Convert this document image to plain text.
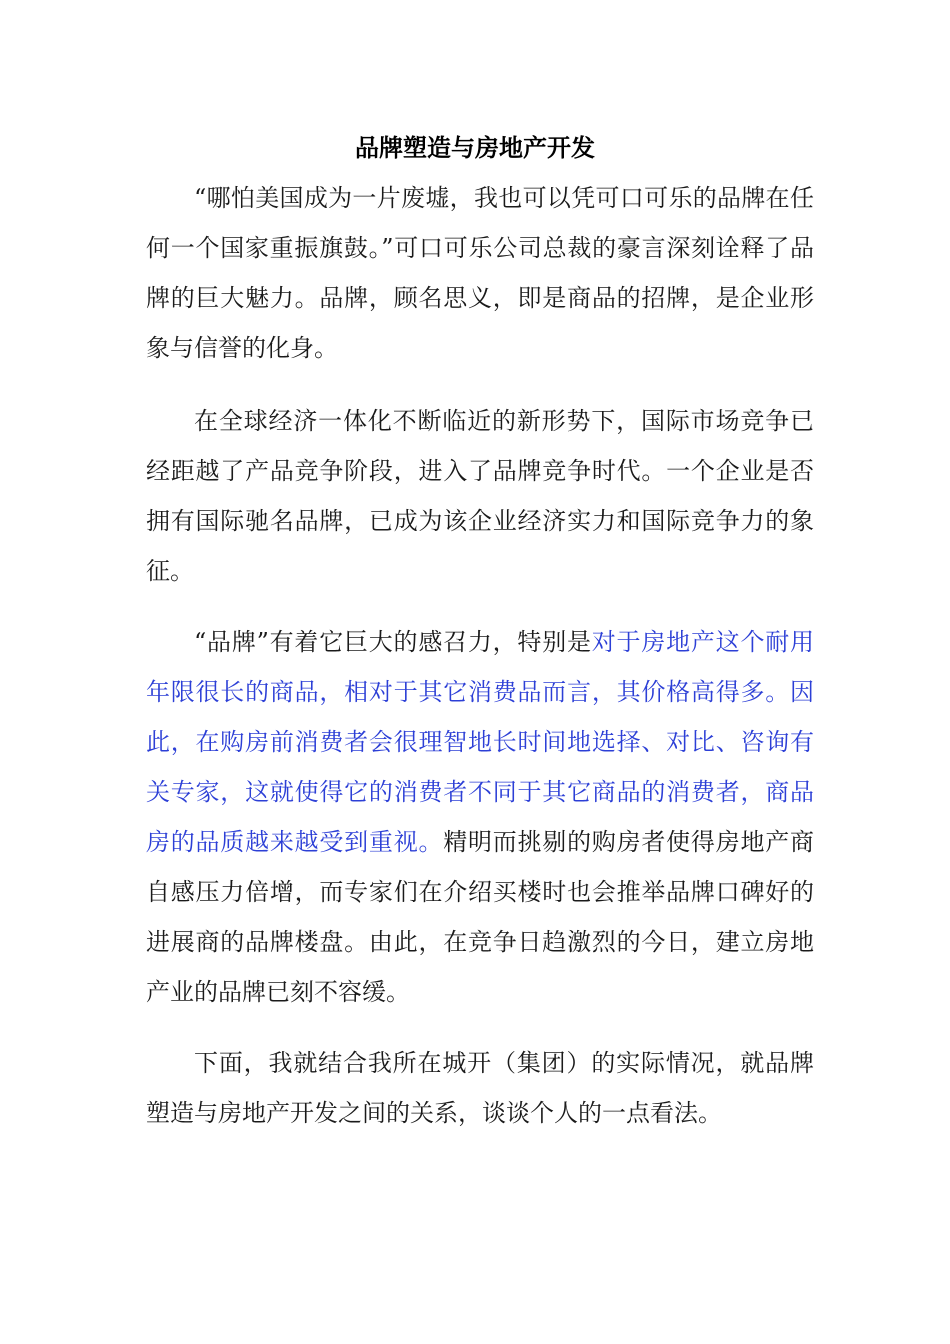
品牌塑造与房地产开发

“哪怕美国成为一片废墟，我也可以凭可口可乐的品牌在任何一个国家重振旗鼓。”可口可乐公司总裁的豪言深刻诠释了品牌的巨大魅力。品牌，顾名思义，即是商品的招牌，是企业形象与信誉的化身。

在全球经济一体化不断临近的新形势下，国际市场竞争已经距越了产品竞争阶段，进入了品牌竞争时代。一个企业是否拥有国际驰名品牌，已成为该企业经济实力和国际竞争力的象征。

“品牌”有着它巨大的感召力，特别是对于房地产这个耐用年限很长的商品，相对于其它消费品而言，其价格高得多。因此，在购房前消费者会很理智地长时间地选择、对比、咨询有关专家，这就使得它的消费者不同于其它商品的消费者，商品房的品质越来越受到重视。精明而挑剔的购房者使得房地产商自感压力倍增，而专家们在介绍买楼时也会推举品牌口碑好的进展商的品牌楼盘。由此，在竞争日趋激烈的今日，建立房地产业的品牌已刻不容缓。

下面，我就结合我所在城开（集团）的实际情况，就品牌塑造与房地产开发之间的关系，谈谈个人的一点看法。
